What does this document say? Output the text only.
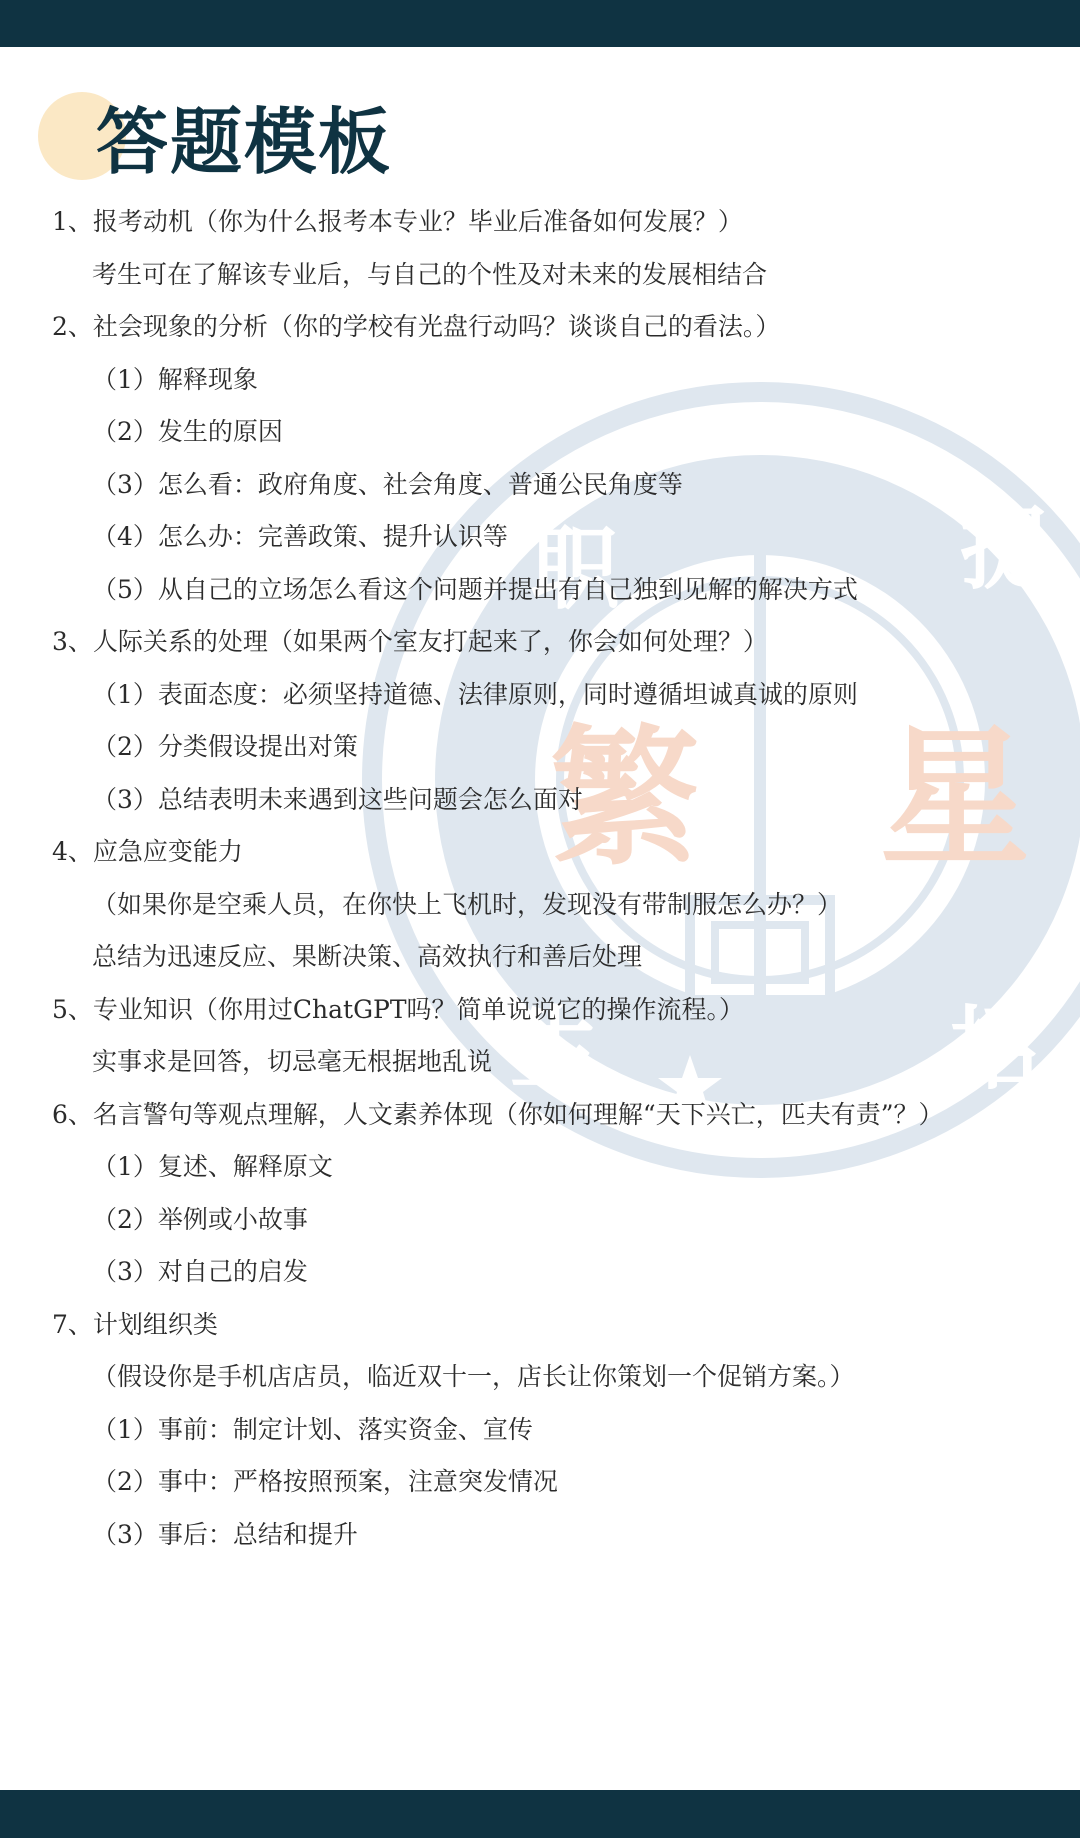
职	提
繁 星
生	招
答题模板
1、报考动机（你为什么报考本专业？毕业后准备如何发展？）
考生可在了解该专业后，与自己的个性及对未来的发展相结合
2、社会现象的分析（你的学校有光盘行动吗？谈谈自己的看法。）
（1）解释现象
（2）发生的原因
（3）怎么看：政府角度、社会角度、普通公民角度等
（4）怎么办：完善政策、提升认识等
（5）从自己的立场怎么看这个问题并提出有自己独到见解的解决方式
3、人际关系的处理（如果两个室友打起来了，你会如何处理？）
（1）表面态度：必须坚持道德、法律原则，同时遵循坦诚真诚的原则
（2）分类假设提出对策
（3）总结表明未来遇到这些问题会怎么面对
4、应急应变能力
（如果你是空乘人员，在你快上飞机时，发现没有带制服怎么办？）
总结为迅速反应、果断决策、高效执行和善后处理
5、专业知识（你用过ChatGPT吗？简单说说它的操作流程。）
实事求是回答，切忌毫无根据地乱说
6、名言警句等观点理解，人文素养体现（你如何理解“天下兴亡，匹夫有责”？）
（1）复述、解释原文
（2）举例或小故事
（3）对自己的启发
7、计划组织类
（假设你是手机店店员，临近双十一，店长让你策划一个促销方案。）
（1）事前：制定计划、落实资金、宣传
（2）事中：严格按照预案，注意突发情况
（3）事后：总结和提升
